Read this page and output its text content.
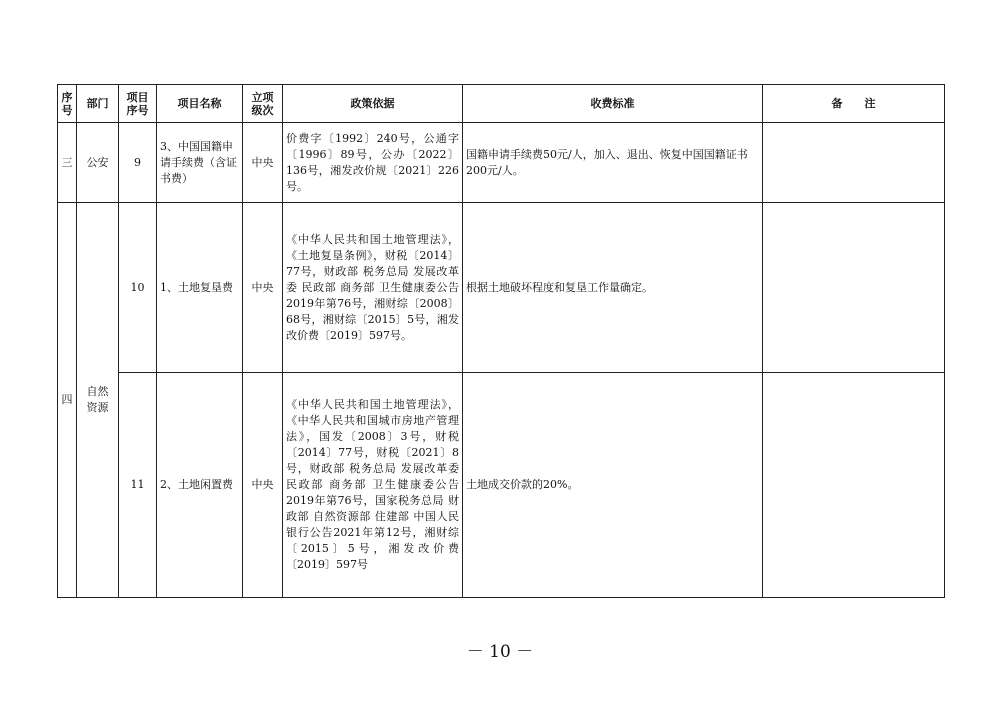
序号	部门	项目序号	项目名称	立项级次	政策依据	收费标准	备　　注
三	公安	9	3、中国国籍申请手续费（含证书费）	中央	价费字〔1992〕240号，公通字〔1996〕89号，公办〔2022〕136号，湘发改价规〔2021〕226号。	国籍申请手续费50元/人，加入、退出、恢复中国国籍证书200元/人。	
四	自然资源	10	1、土地复垦费	中央	《中华人民共和国土地管理法》，《土地复垦条例》，财税〔2014〕77号，财政部 税务总局 发展改革委 民政部 商务部 卫生健康委公告2019年第76号，湘财综〔2008〕68号，湘财综〔2015〕5号，湘发改价费〔2019〕597号。	根据土地破坏程度和复垦工作量确定。	
		11	2、土地闲置费	中央	《中华人民共和国土地管理法》，《中华人民共和国城市房地产管理法》，国发〔2008〕3号，财税〔2014〕77号，财税〔2021〕8号，财政部 税务总局 发展改革委 民政部 商务部 卫生健康委公告2019年第76号，国家税务总局 财政部 自然资源部 住建部 中国人民银行公告2021年第12号，湘财综〔2015〕5号，湘发改价费〔2019〕597号	土地成交价款的20%。	
－ 10 －
